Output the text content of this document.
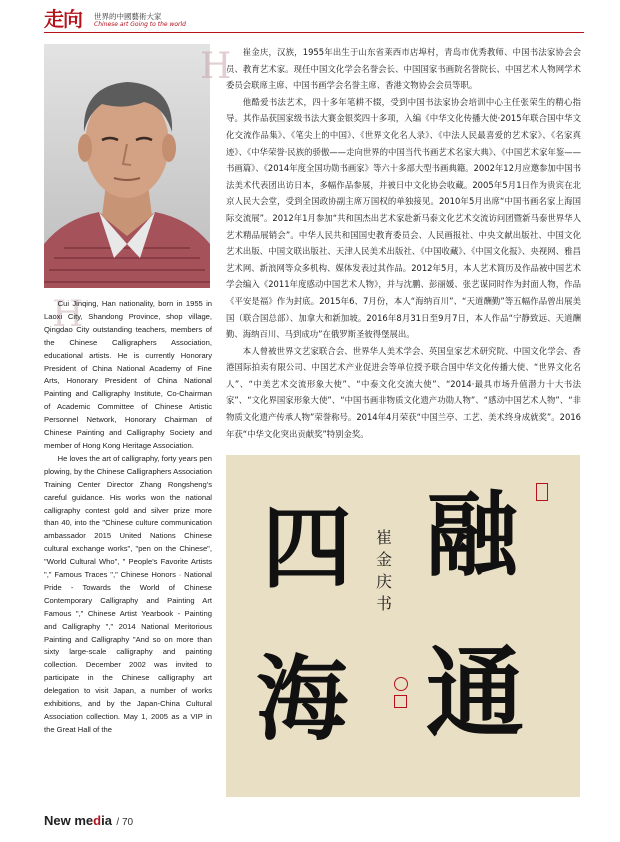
走向 世界的中國藝術大家
Chinese art Going to the world
H
H

崔金庆，汉族，1955年出生于山东省莱西市店埠村，青岛市优秀教师、中国书法家协会会员、教育艺术家。现任中国文化学会名誉会长、中国国家书画院名誉院长、中国艺术人物网学术委员会联席主席、中国书画学会名誉主席、香港文物协会会员等职。

他酷爱书法艺术，四十多年笔耕不辍，受到中国书法家协会培训中心主任张荣生的精心指导。其作品获国家级书法大赛金银奖四十多项，入编《中华文化传播大使·2015年联合国中华文化交流作品集》、《笔尖上的中国》、《世界文化名人录》、《中法人民最喜爱的艺术家》、《名家真迹》、《中华荣誉·民族的骄傲——走向世界的中国当代书画艺术名家大典》、《中国艺术家年鉴——书画篇》、《2014年度全国功勋书画家》等六十多部大型书画典籍。2002年12月应邀参加中国书法美术代表团出访日本，多幅作品参展，并被日中文化协会收藏。2005年5月1日作为贵宾在北京人民大会堂，受到全国政协副主席万国权的单独接见。2010年5月出席“中国书画名家上海国际交流展”。2012年1月参加“共和国杰出艺术家赴新马泰文化艺术交流访问团暨新马泰世界华人艺术精品展销会”。中华人民共和国国史教育委员会、人民画报社、中央文献出版社、中国文化艺术出版、中国文联出版社、天津人民美术出版社、《中国收藏》、《中国文化报》、央视网、雅昌艺术网、新浪网等众多机构、媒体发表过其作品。2012年5月，本人艺术简历及作品被中国艺术学会编入《2011年度感动中国艺术人物》，并与沈鹏、彭丽媛、张艺谋同时作为封面人物，作品《平安是福》作为封底。2015年6、7月份，本人“海纳百川”、“天道酬勤”等五幅作品曾出展美国（联合国总部）、加拿大和新加坡。2016年8月31日至9月7日，本人作品“宁静致远、天道酬勤、海纳百川、马到成功”在俄罗斯圣彼得堡展出。

本人曾被世界文艺家联合会、世界华人美术学会、英国皇家艺术研究院、中国文化学会、香港国际拍卖有限公司、中国艺术产业促进会等单位授予联合国中华文化传播大使、“世界文化名人”、“中美艺术交流形象大使”、“中泰文化交流大使”、“2014·最具市场升值潜力十大书法家”、“文化界国家形象大使”、“中国书画非物质文化遗产功勋人物”、“感动中国艺术人物”、“非物质文化遗产传承人物”荣誉称号。2014年4月荣获“中国兰亭、工艺、美术终身成就奖”。2016年获“中华文化突出贡献奖”特别金奖。

Cui Jinqing, Han nationality, born in 1955 in Laoxi City, Shandong Province, shop village, Qingdao City outstanding teachers, members of the Chinese Calligraphers Association, educational artists. He is currently Honorary President of China National Academy of Fine Arts, Honorary President of China National Painting and Calligraphy Institute, Co-Chairman of Academic Committee of Chinese Artistic Personnel Network, Honorary Chairman of Chinese Painting and Calligraphy Society and member of Hong Kong Heritage Association.

He loves the art of calligraphy, forty years pen plowing, by the Chinese Calligraphers Association Training Center Director Zhang Rongsheng's careful guidance. His works won the national calligraphy contest gold and silver prize more than 40, into the "Chinese culture communication ambassador 2015 United Nations Chinese cultural exchange works", "pen on the Chinese", "World Cultural Who", " People's Favorite Artists "," Famous Traces "," Chinese Honors · National Pride - Towards the World of Chinese Contemporary Calligraphy and Painting Art Famous "," Chinese Artist Yearbook - Painting and Calligraphy "," 2014 National Meritorious Painting and Calligraphy "And so on more than sixty large-scale calligraphy and painting collection. December 2002 was invited to participate in the Chinese calligraphy art delegation to visit Japan, a number of works exhibitions, and by the Japan-China Cultural Association collection. May 1, 2005 as a VIP in the Great Hall of the

融
通
四
海
崔金庆书
New media / 70
